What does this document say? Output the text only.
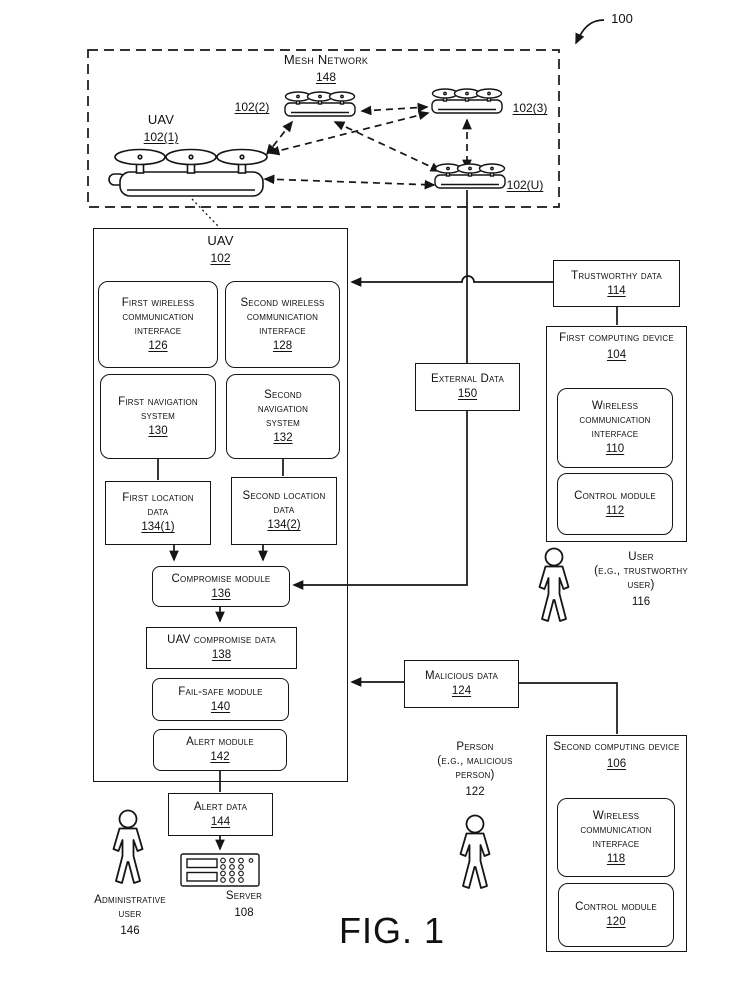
100
Mesh Network
148
UAV
102(1)
102(2)	102(3)
102(U)
UAV
102
First wireless communication interface
126
Second wireless communication interface
128
First navigation system
130
Second navigation system
132
First location data
134(1)
Second location data
134(2)
Compromise module
136
UAV compromise data
138
Fail-safe module
140
Alert module
142
Alert data
144
Server
108
Administrative user
146
External Data
150
Trustworthy data
114
First computing device
104
Wireless communication interface
110
Control module
112
User
(e.g., trustworthy user)
116
Malicious data
124
Person
(e.g., malicious person)
122
Second computing device
106
Wireless communication interface
118
Control module
120
FIG. 1
